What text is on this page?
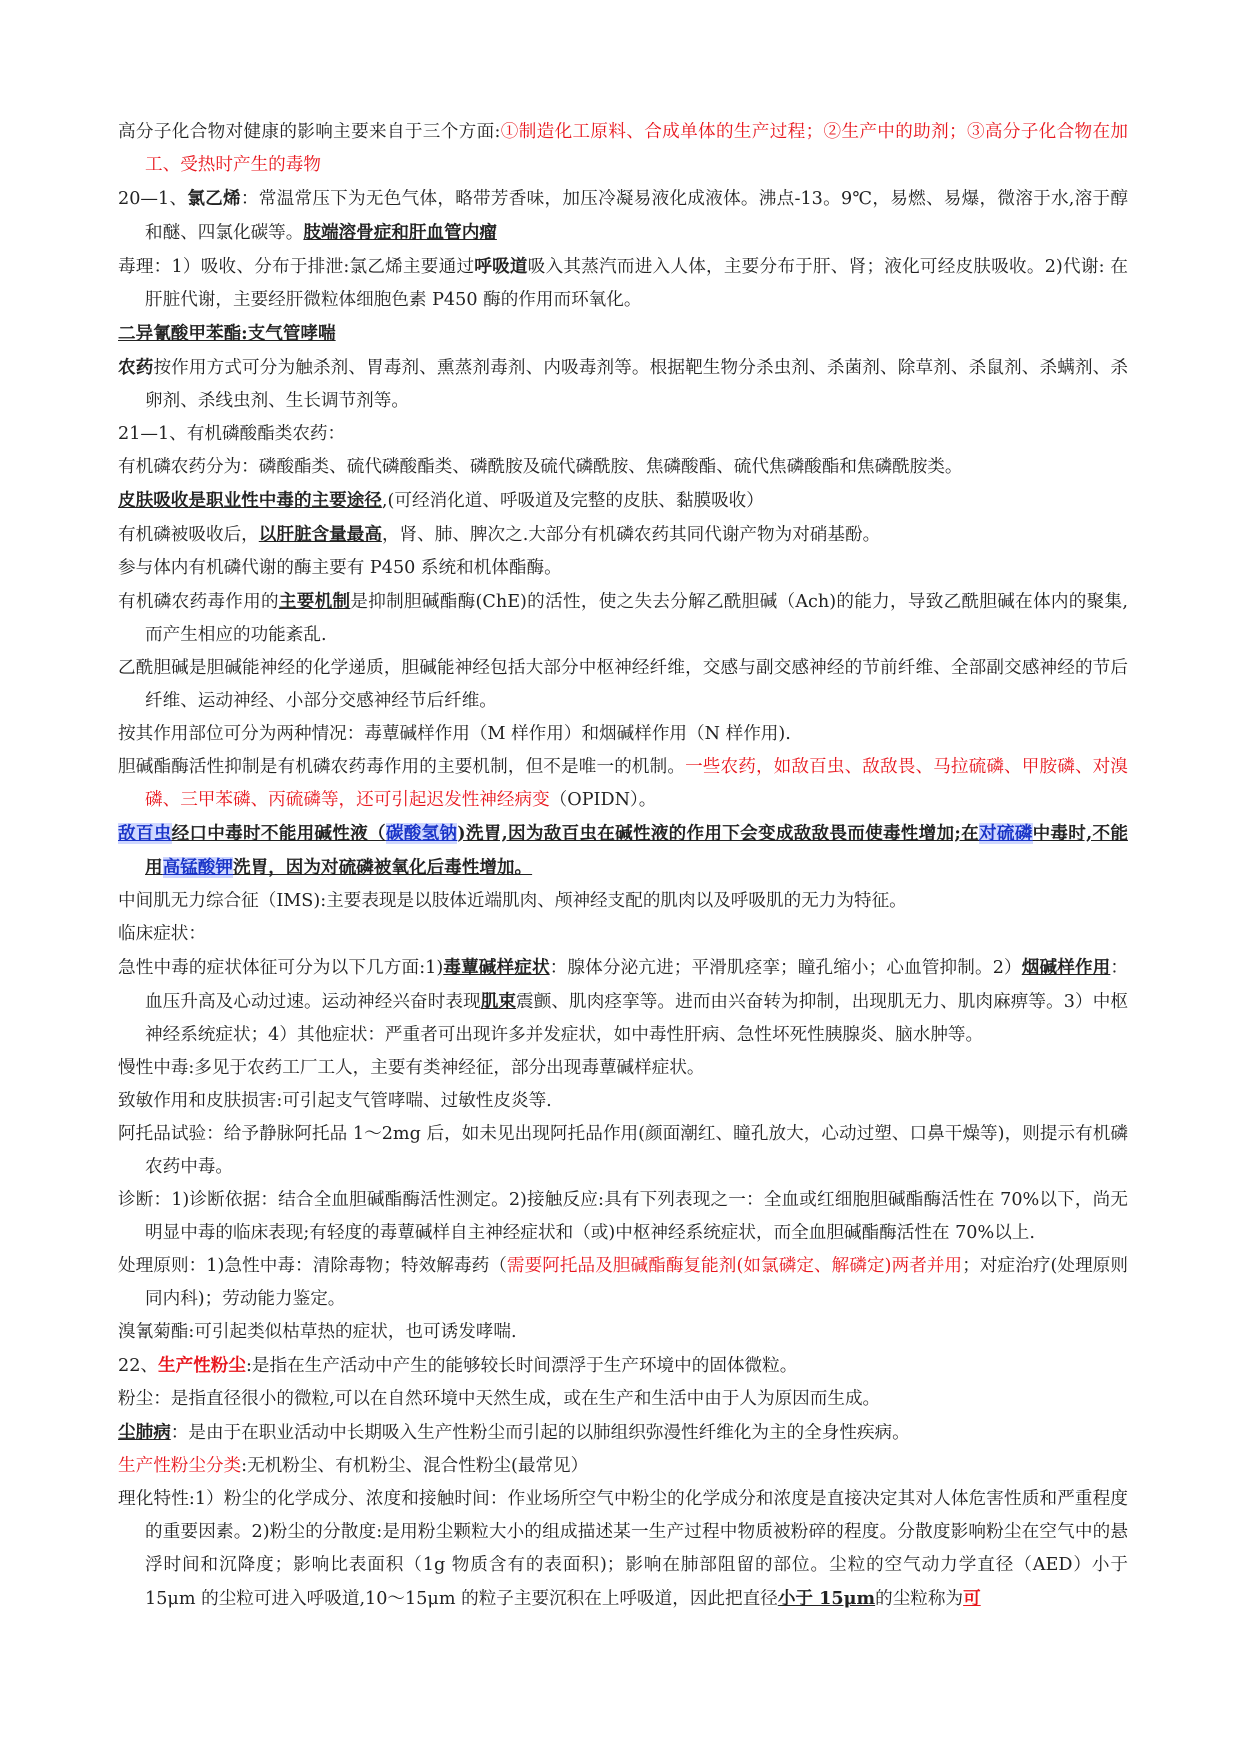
高分子化合物对健康的影响主要来自于三个方面:①制造化工原料、合成单体的生产过程；②生产中的助剂；③高分子化合物在加工、受热时产生的毒物

20—1、氯乙烯：常温常压下为无色气体，略带芳香味，加压冷凝易液化成液体。沸点-13。9℃，易燃、易爆，微溶于水,溶于醇和醚、四氯化碳等。肢端溶骨症和肝血管内瘤

毒理：1）吸收、分布于排泄:氯乙烯主要通过呼吸道吸入其蒸汽而进入人体，主要分布于肝、肾；液化可经皮肤吸收。2)代谢: 在肝脏代谢，主要经肝微粒体细胞色素 P450 酶的作用而环氧化。

二异氰酸甲苯酯:支气管哮喘

农药按作用方式可分为触杀剂、胃毒剂、熏蒸剂毒剂、内吸毒剂等。根据靶生物分杀虫剂、杀菌剂、除草剂、杀鼠剂、杀螨剂、杀卵剂、杀线虫剂、生长调节剂等。

21—1、有机磷酸酯类农药：

有机磷农药分为：磷酸酯类、硫代磷酸酯类、磷酰胺及硫代磷酰胺、焦磷酸酯、硫代焦磷酸酯和焦磷酰胺类。

皮肤吸收是职业性中毒的主要途径,(可经消化道、呼吸道及完整的皮肤、黏膜吸收）

有机磷被吸收后，以肝脏含量最高，肾、肺、脾次之.大部分有机磷农药其同代谢产物为对硝基酚。

参与体内有机磷代谢的酶主要有 P450 系统和机体酯酶。

有机磷农药毒作用的主要机制是抑制胆碱酯酶(ChE)的活性，使之失去分解乙酰胆碱（Ach)的能力，导致乙酰胆碱在体内的聚集,而产生相应的功能紊乱.

乙酰胆碱是胆碱能神经的化学递质，胆碱能神经包括大部分中枢神经纤维，交感与副交感神经的节前纤维、全部副交感神经的节后纤维、运动神经、小部分交感神经节后纤维。

按其作用部位可分为两种情况：毒蕈碱样作用（M 样作用）和烟碱样作用（N 样作用).

胆碱酯酶活性抑制是有机磷农药毒作用的主要机制，但不是唯一的机制。一些农药，如敌百虫、敌敌畏、马拉硫磷、甲胺磷、对溴磷、三甲苯磷、丙硫磷等，还可引起迟发性神经病变（OPIDN）。

敌百虫经口中毒时不能用碱性液（碳酸氢钠)洗胃,因为敌百虫在碱性液的作用下会变成敌敌畏而使毒性增加;在对硫磷中毒时,不能用高锰酸钾洗胃，因为对硫磷被氧化后毒性增加。

中间肌无力综合征（IMS):主要表现是以肢体近端肌肉、颅神经支配的肌肉以及呼吸肌的无力为特征。

临床症状：

急性中毒的症状体征可分为以下几方面:1)毒蕈碱样症状：腺体分泌亢进；平滑肌痉挛；瞳孔缩小；心血管抑制。2）烟碱样作用：血压升高及心动过速。运动神经兴奋时表现肌束震颤、肌肉痉挛等。进而由兴奋转为抑制，出现肌无力、肌肉麻痹等。3）中枢神经系统症状；4）其他症状：严重者可出现许多并发症状，如中毒性肝病、急性坏死性胰腺炎、脑水肿等。

慢性中毒:多见于农药工厂工人，主要有类神经征，部分出现毒蕈碱样症状。

致敏作用和皮肤损害:可引起支气管哮喘、过敏性皮炎等.

阿托品试验：给予静脉阿托品 1～2mg 后，如未见出现阿托品作用(颜面潮红、瞳孔放大，心动过塑、口鼻干燥等)，则提示有机磷农药中毒。

诊断：1)诊断依据：结合全血胆碱酯酶活性测定。2)接触反应:具有下列表现之一：全血或红细胞胆碱酯酶活性在 70%以下，尚无明显中毒的临床表现;有轻度的毒蕈碱样自主神经症状和（或)中枢神经系统症状，而全血胆碱酯酶活性在 70%以上.

处理原则：1)急性中毒：清除毒物；特效解毒药（需要阿托品及胆碱酯酶复能剂(如氯磷定、解磷定)两者并用；对症治疗(处理原则同内科)；劳动能力鉴定。

溴氰菊酯:可引起类似枯草热的症状，也可诱发哮喘.

22、生产性粉尘:是指在生产活动中产生的能够较长时间漂浮于生产环境中的固体微粒。

粉尘：是指直径很小的微粒,可以在自然环境中天然生成，或在生产和生活中由于人为原因而生成。

尘肺病：是由于在职业活动中长期吸入生产性粉尘而引起的以肺组织弥漫性纤维化为主的全身性疾病。

生产性粉尘分类:无机粉尘、有机粉尘、混合性粉尘(最常见）

理化特性:1）粉尘的化学成分、浓度和接触时间：作业场所空气中粉尘的化学成分和浓度是直接决定其对人体危害性质和严重程度的重要因素。2)粉尘的分散度:是用粉尘颗粒大小的组成描述某一生产过程中物质被粉碎的程度。分散度影响粉尘在空气中的悬浮时间和沉降度；影响比表面积（1g 物质含有的表面积)；影响在肺部阻留的部位。尘粒的空气动力学直径（AED）小于 15μm 的尘粒可进入呼吸道,10～15μm 的粒子主要沉积在上呼吸道，因此把直径小于 15μm的尘粒称为可
